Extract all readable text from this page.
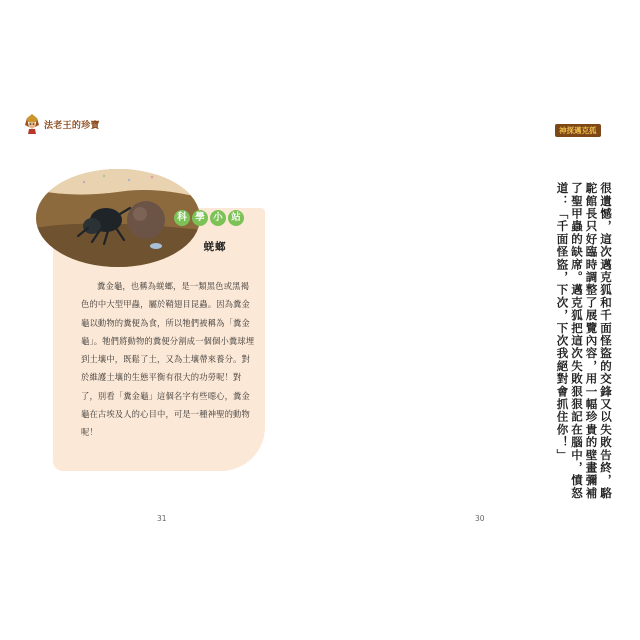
法老王的珍寶
科 學 小 站
蜣螂

糞金龜，也稱為蜣螂，是一類黑色或黑褐色的中大型甲蟲，屬於鞘翅目昆蟲。因為糞金龜以動物的糞便為食，所以牠們被稱為「糞金龜」。牠們將動物的糞便分割成一個個小糞球埋到土壤中，既鬆了土，又為土壤帶來養分。對於維護土壤的生態平衡有很大的功勞呢！對了，別看「糞金龜」這個名字有些噁心，糞金龜在古埃及人的心目中，可是一種神聖的動物呢！

31
神探邁克狐

很遺憾，這次邁克狐和千面怪盜的交鋒又以失敗告終，駱駝館長只好臨時調整了展覽內容，用一幅珍貴的壁畫彌補了聖甲蟲的缺席。邁克狐把這次失敗狠狠記在腦中，憤怒道：「千面怪盜，下次，下次我絕對會抓住你！」

30
